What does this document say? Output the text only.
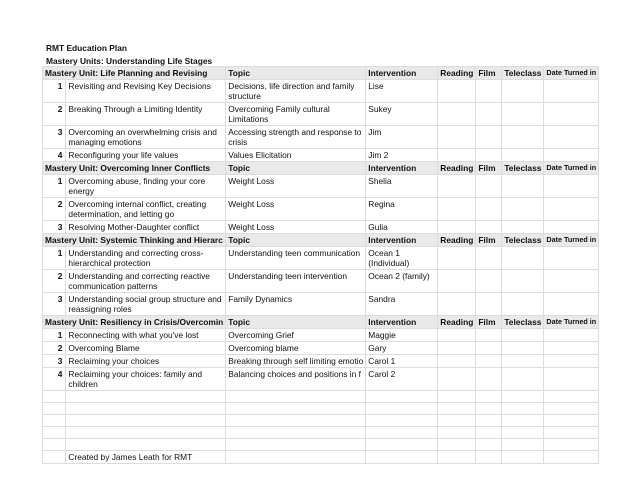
RMT Education Plan
Mastery Units: Understanding Life Stages
Mastery Unit: Life Planning and Revising		Topic	Intervention	Reading	Film	Teleclass	Date Turned in
1	Revisiting and Revising Key Decisions	Decisions, life direction and family structure	Lise				
2	Breaking Through a Limiting Identity	Overcoming Family cultural Limitations	Sukey				
3	Overcoming an overwhelming crisis and managing emotions	Accessing strength and response to crisis	Jim				
4	Reconfiguring your life values	Values Elicitation	Jim 2				
Mastery Unit: Overcoming Inner Conflicts		Topic	Intervention	Reading	Film	Teleclass	Date Turned in
1	Overcoming abuse, finding your core energy	Weight Loss	Shelia				
2	Overcoming internal conflict, creating determination, and letting go	Weight Loss	Regina				
3	Resolving Mother-Daughter conflict	Weight Loss	Gulia				
Mastery Unit: Systemic Thinking and Hierarc		Topic	Intervention	Reading	Film	Teleclass	Date Turned in
1	Understanding and correcting cross-hierarchical protection	Understanding teen communication	Ocean 1 (Individual)				
2	Understanding and correcting reactive communication patterns	Understanding teen intervention	Ocean 2 (family)				
3	Understanding social group structure and reassigning roles	Family Dynamics	Sandra				
Mastery Unit: Resiliency in Crisis/Overcomin		Topic	Intervention	Reading	Film	Teleclass	Date Turned in
1	Reconnecting with what you've lost	Overcoming Grief	Maggie				
2	Overcoming Blame	Overcoming blame	Gary				
3	Reclaiming your choices	Breaking through self limiting emotio	Carol 1				
4	Reclaiming your choices: family and children	Balancing choices and positions in f	Carol 2				

	Created by James Leath for RMT						
